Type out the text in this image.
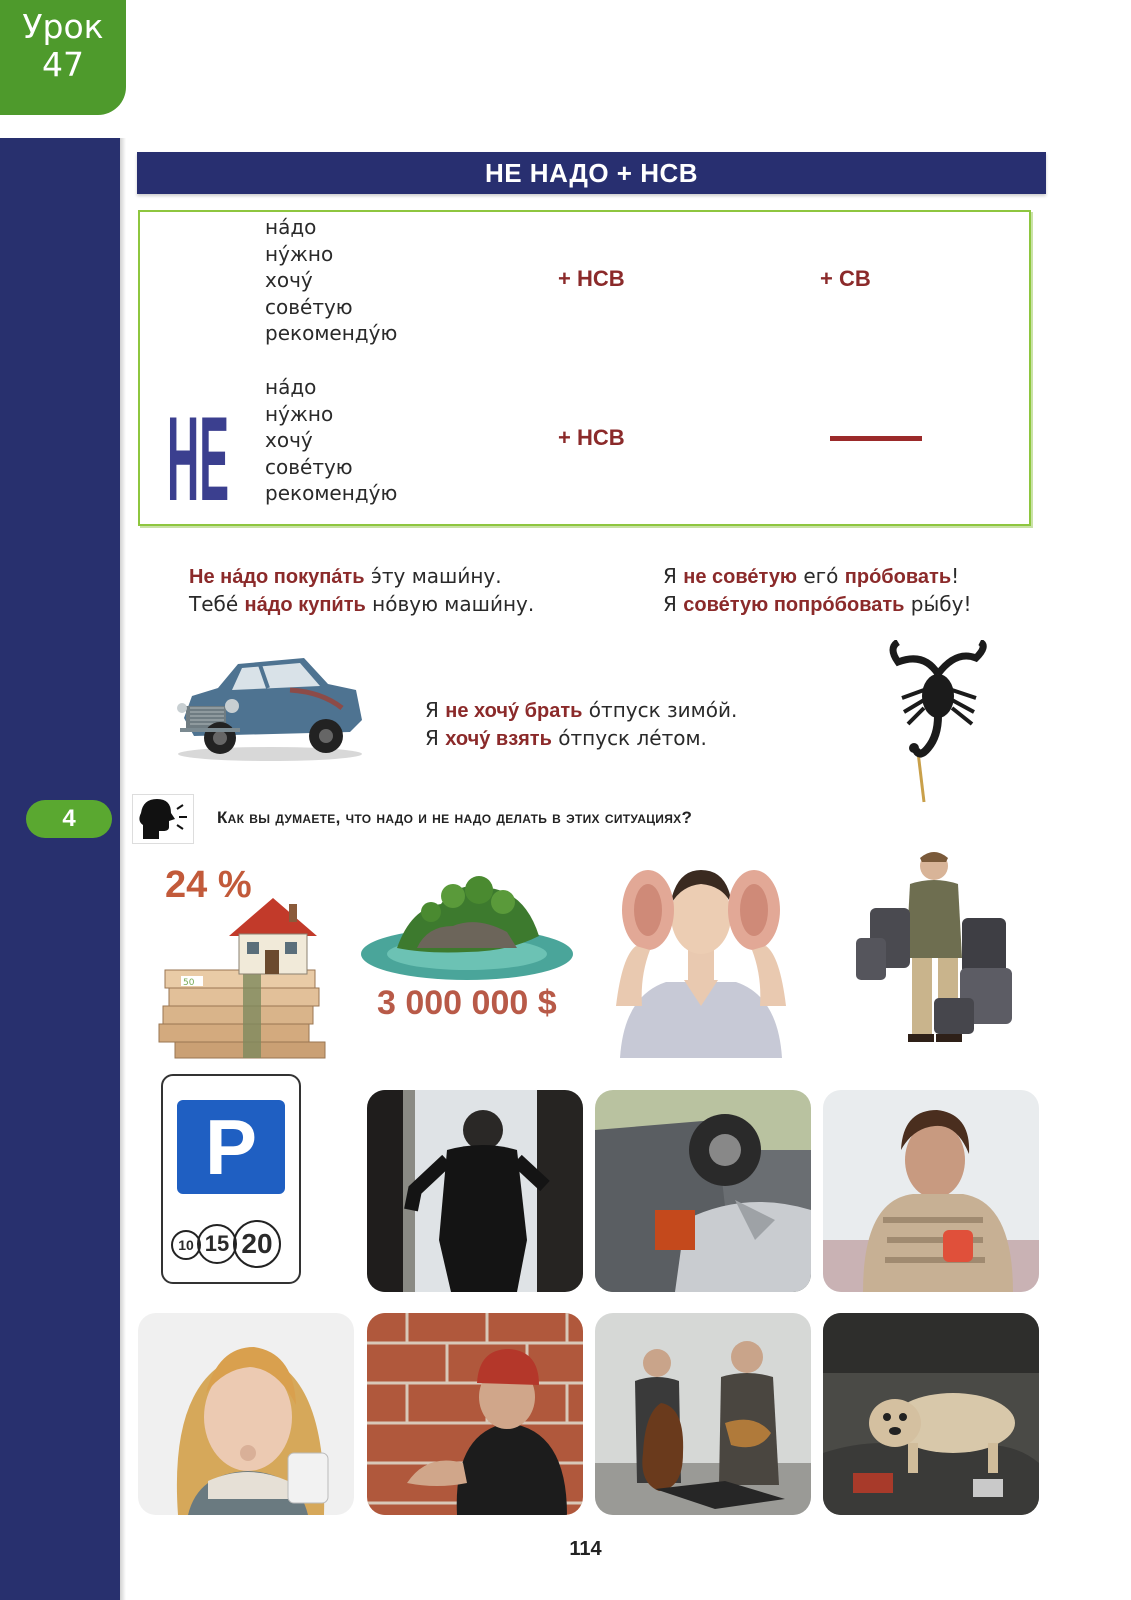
Урок
47
НЕ НАДО + НСВ
на́до
ну́жно
хочу́
сове́тую
рекоменду́ю
+ НСВ	+ СВ
НЕ
на́до
ну́жно
хочу́
сове́тую
рекоменду́ю
+ НСВ
Не на́до покупа́ть э́ту маши́ну.
Тебе́ на́до купи́ть но́вую маши́ну.
Я не сове́тую его́ про́бовать!
Я сове́тую попро́бовать ры́бу!
Я не хочу́ брать о́тпуск зимо́й.
Я хочу́ взять о́тпуск ле́том.
4	Как вы думаете, что надо и не надо делать в этих ситуациях?
24 %
50
3 000 000 $
P
10 15 20
114
